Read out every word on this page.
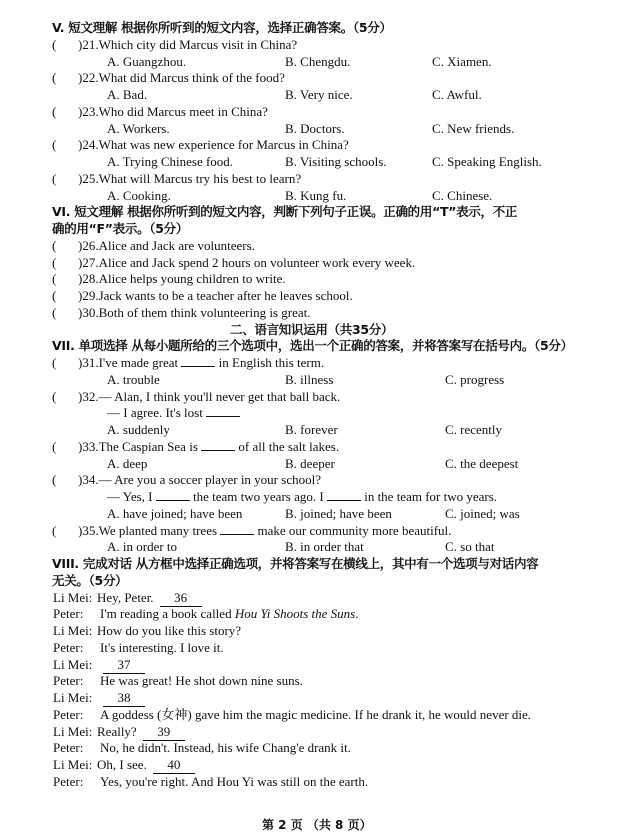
V. 短文理解 根据你所听到的短文内容，选择正确答案。（5分）
( )21.Which city did Marcus visit in China?
A. Guangzhou.	B. Chengdu.	C. Xiamen.
( )22.What did Marcus think of the food?
A. Bad.	B. Very nice.	C. Awful.
( )23.Who did Marcus meet in China?
A. Workers.	B. Doctors.	C. New friends.
( )24.What was new experience for Marcus in China?
A. Trying Chinese food.	B. Visiting schools.	C. Speaking English.
( )25.What will Marcus try his best to learn?
A. Cooking.	B. Kung fu.	C. Chinese.
VI. 短文理解 根据你所听到的短文内容，判断下列句子正误。正确的用“T”表示，不正
确的用“F”表示。（5分）
( )26.Alice and Jack are volunteers.
( )27.Alice and Jack spend 2 hours on volunteer work every week.
( )28.Alice helps young children to write.
( )29.Jack wants to be a teacher after he leaves school.
( )30.Both of them think volunteering is great.
二、语言知识运用（共35分）
VII. 单项选择 从每小题所给的三个选项中，选出一个正确的答案，并将答案写在括号内。（5分）
( )31.I've made great	in English this term.
A. trouble	B. illness	C. progress
( )32.— Alan, I think you'll never get that ball back.
— I agree. It's lost
A. suddenly	B. forever	C. recently
( )33.The Caspian Sea is	of all the salt lakes.
A. deep	B. deeper	C. the deepest
( )34.— Are you a soccer player in your school?
— Yes, I	the team two years ago. I	in the team for two years.
A. have joined; have been	B. joined; have been	C. joined; was
( )35.We planted many trees	make our community more beautiful.
A. in order to	B. in order that	C. so that
VIII. 完成对话 从方框中选择正确选项，并将答案写在横线上，其中有一个选项与对话内容
无关。（5分）
Li Mei: Hey, Peter. 36
Peter: I'm reading a book called Hou Yi Shoots the Suns.
Li Mei: How do you like this story?
Peter: It's interesting. I love it.
Li Mei:	37
Peter: He was great! He shot down nine suns.
Li Mei:	38
Peter: A goddess (女神) gave him the magic medicine. If he drank it, he would never die.
Li Mei: Really? 39
Peter: No, he didn't. Instead, his wife Chang'e drank it.
Li Mei: Oh, I see. 40
Peter: Yes, you're right. And Hou Yi was still on the earth.
第 2 页 （共 8 页）
